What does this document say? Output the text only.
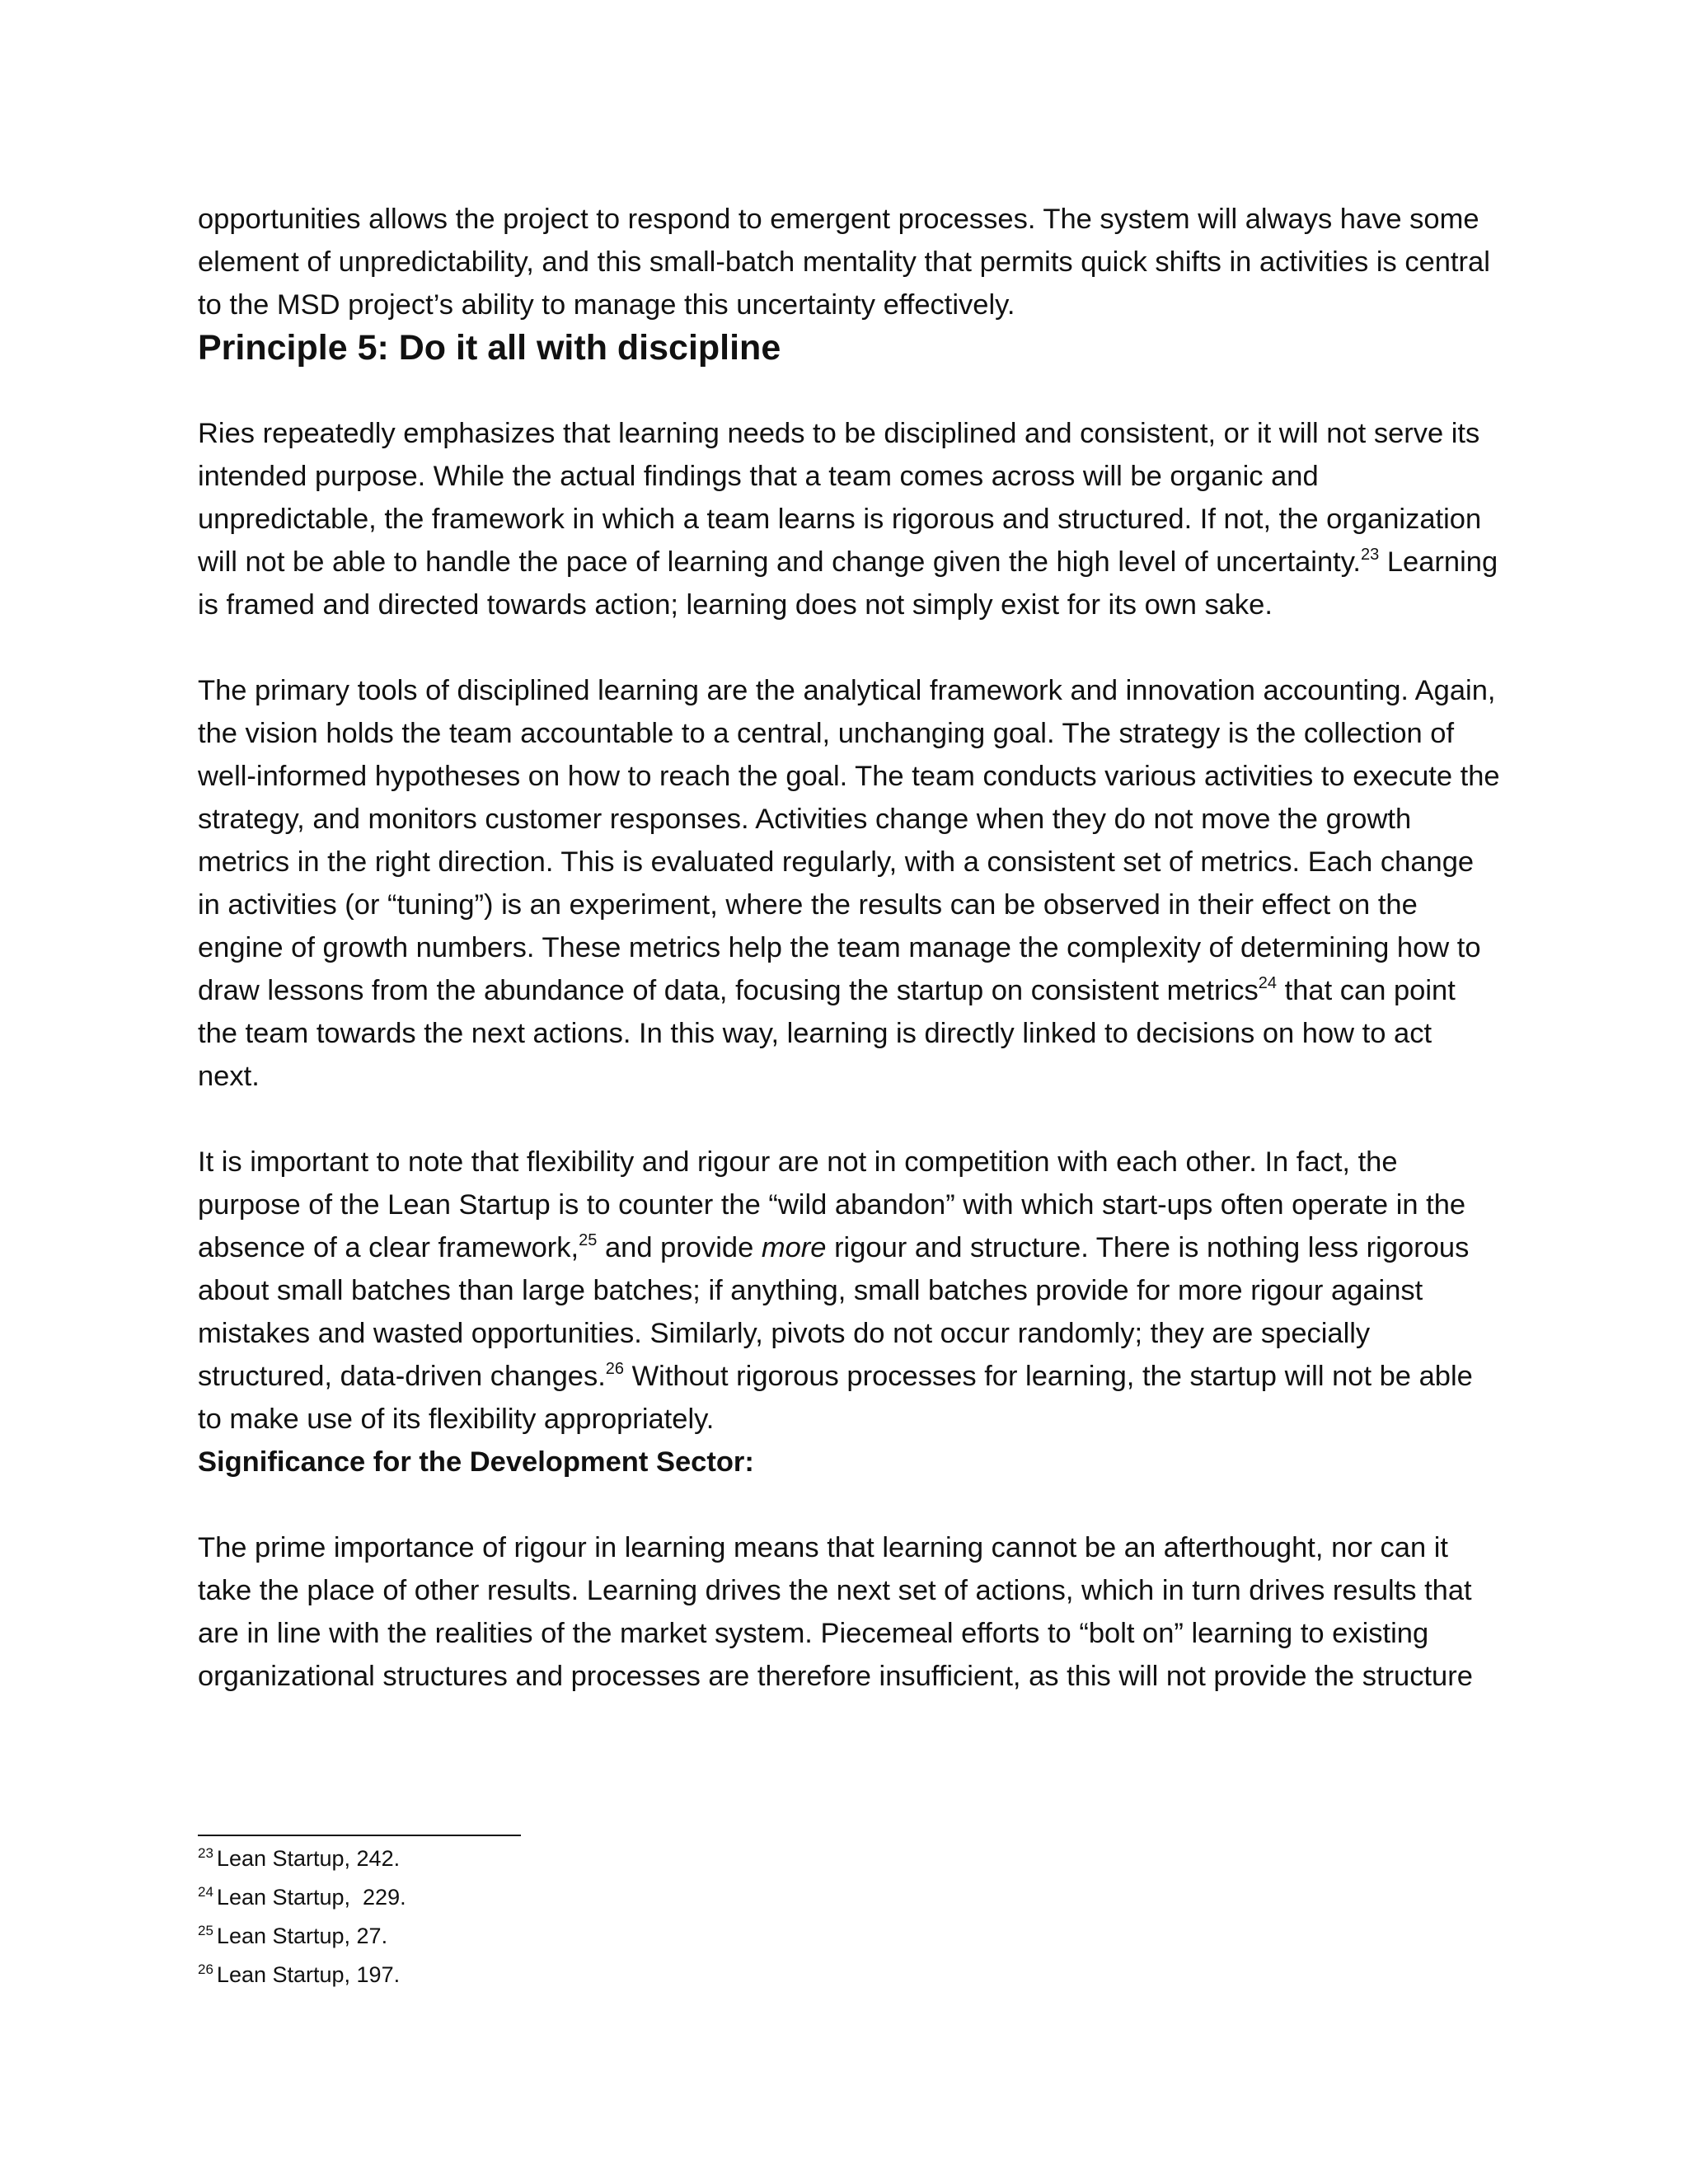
opportunities allows the project to respond to emergent processes. The system will always have some element of unpredictability, and this small-batch mentality that permits quick shifts in activities is central to the MSD project’s ability to manage this uncertainty effectively.

Principle 5: Do it all with discipline

Ries repeatedly emphasizes that learning needs to be disciplined and consistent, or it will not serve its intended purpose. While the actual findings that a team comes across will be organic and unpredictable, the framework in which a team learns is rigorous and structured. If not, the organization will not be able to handle the pace of learning and change given the high level of uncertainty.$^{23}$ Learning is framed and directed towards action; learning does not simply exist for its own sake.

The primary tools of disciplined learning are the analytical framework and innovation accounting. Again, the vision holds the team accountable to a central, unchanging goal. The strategy is the collection of well-informed hypotheses on how to reach the goal. The team conducts various activities to execute the strategy, and monitors customer responses. Activities change when they do not move the growth metrics in the right direction. This is evaluated regularly, with a consistent set of metrics. Each change in activities (or “tuning”) is an experiment, where the results can be observed in their effect on the engine of growth numbers. These metrics help the team manage the complexity of determining how to draw lessons from the abundance of data, focusing the startup on consistent metrics$^{24}$ that can point the team towards the next actions. In this way, learning is directly linked to decisions on how to act next.

It is important to note that flexibility and rigour are not in competition with each other. In fact, the purpose of the Lean Startup is to counter the “wild abandon” with which start-ups often operate in the absence of a clear framework,$^{25}$ and provide more rigour and structure. There is nothing less rigorous about small batches than large batches; if anything, small batches provide for more rigour against mistakes and wasted opportunities. Similarly, pivots do not occur randomly; they are specially structured, data-driven changes.$^{26}$ Without rigorous processes for learning, the startup will not be able to make use of its flexibility appropriately.

Significance for the Development Sector:

The prime importance of rigour in learning means that learning cannot be an afterthought, nor can it take the place of other results. Learning drives the next set of actions, which in turn drives results that are in line with the realities of the market system. Piecemeal efforts to “bolt on” learning to existing organizational structures and processes are therefore insufficient, as this will not provide the structure

$^{23}$ Lean Startup, 242.

$^{24}$ Lean Startup,  229.

$^{25}$ Lean Startup, 27.

$^{26}$ Lean Startup, 197.
